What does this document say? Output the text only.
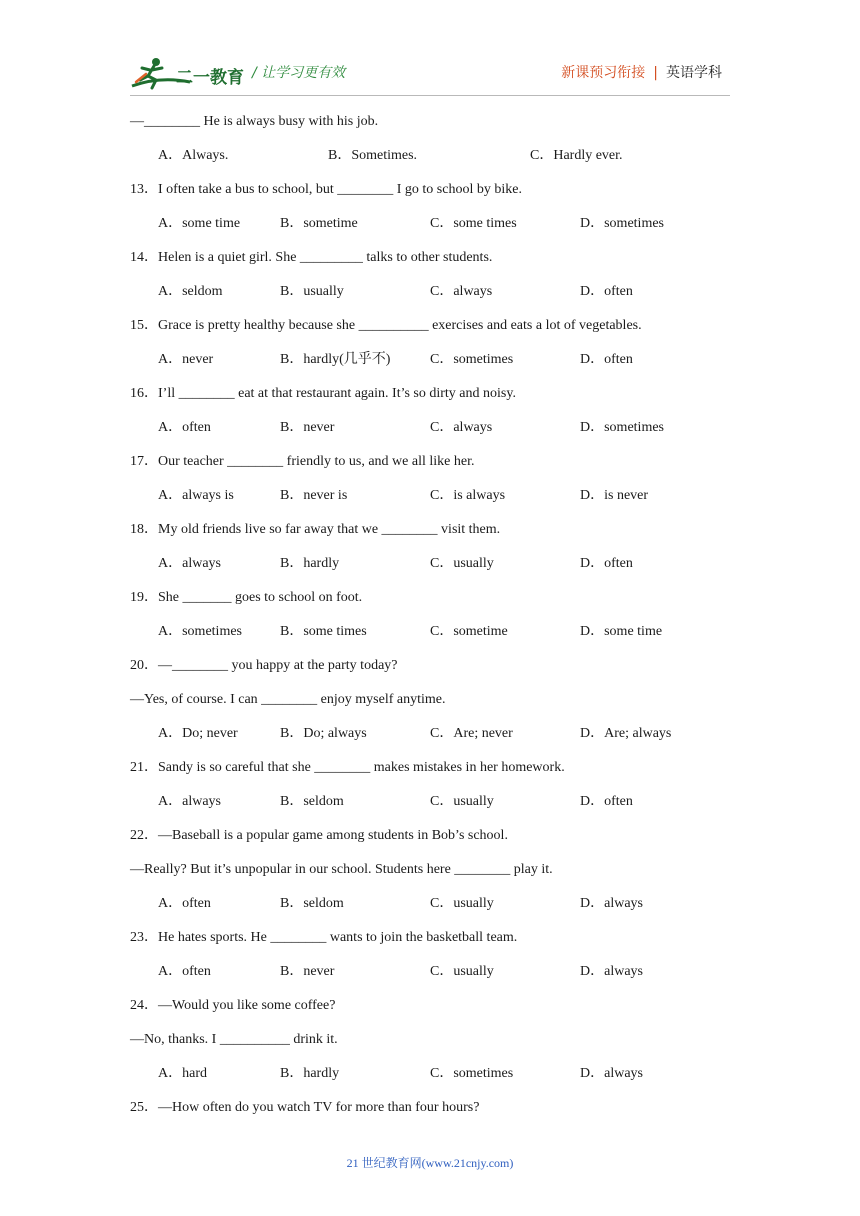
二一教育 / 让学习更有效	新课预习衔接 | 英语学科
—________ He is always busy with his job.
A．Always.	B．Sometimes.	C．Hardly ever.
13．I often take a bus to school, but ________ I go to school by bike.
A．some time	B．sometime	C．some times	D．sometimes
14．Helen is a quiet girl. She _________ talks to other students.
A．seldom	B．usually	C．always	D．often
15．Grace is pretty healthy because she __________ exercises and eats a lot of vegetables.
A．never	B．hardly(几乎不)	C．sometimes	D．often
16．I’ll ________ eat at that restaurant again. It’s so dirty and noisy.
A．often	B．never	C．always	D．sometimes
17．Our teacher ________ friendly to us, and we all like her.
A．always is	B．never is	C．is always	D．is never
18．My old friends live so far away that we ________ visit them.
A．always	B．hardly	C．usually	D．often
19．She _______ goes to school on foot.
A．sometimes	B．some times	C．sometime	D．some time
20．—________ you happy at the party today?
—Yes, of course. I can ________ enjoy myself anytime.
A．Do; never	B．Do; always	C．Are; never	D．Are; always
21．Sandy is so careful that she ________ makes mistakes in her homework.
A．always	B．seldom	C．usually	D．often
22．—Baseball is a popular game among students in Bob’s school.
—Really? But it’s unpopular in our school. Students here ________ play it.
A．often	B．seldom	C．usually	D．always
23．He hates sports. He ________ wants to join the basketball team.
A．often	B．never	C．usually	D．always
24．—Would you like some coffee?
—No, thanks. I __________ drink it.
A．hard	B．hardly	C．sometimes	D．always
25．—How often do you watch TV for more than four hours?
21 世纪教育网(www.21cnjy.com)
